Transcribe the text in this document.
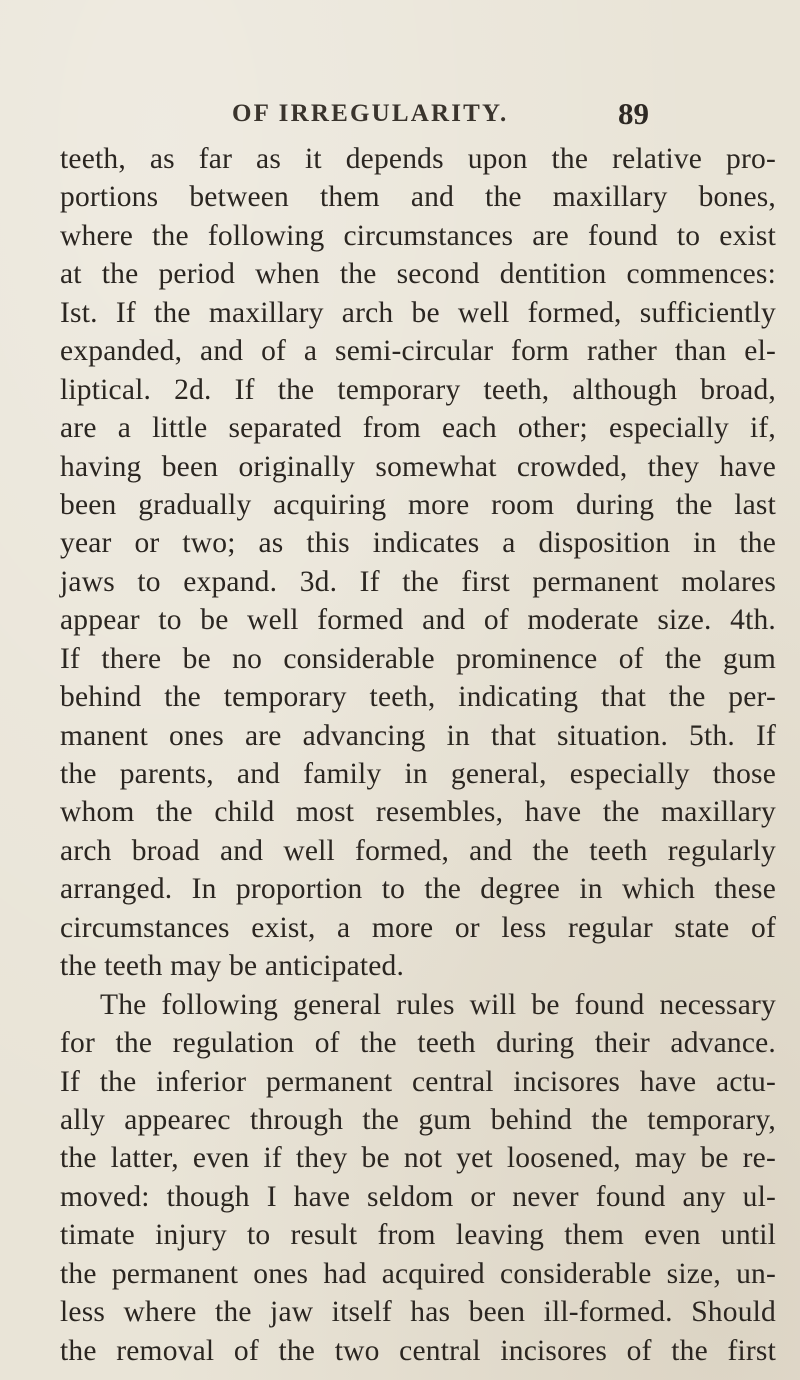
OF IRREGULARITY.	89
teeth, as far as it depends upon the relative pro-
portions between them and the maxillary bones,
where the following circumstances are found to exist
at the period when the second dentition commences:
Ist. If the maxillary arch be well formed, sufficiently
expanded, and of a semi-circular form rather than el-
liptical. 2d. If the temporary teeth, although broad,
are a little separated from each other; especially if,
having been originally somewhat crowded, they have
been gradually acquiring more room during the last
year or two; as this indicates a disposition in the
jaws to expand. 3d. If the first permanent molares
appear to be well formed and of moderate size. 4th.
If there be no considerable prominence of the gum
behind the temporary teeth, indicating that the per-
manent ones are advancing in that situation. 5th. If
the parents, and family in general, especially those
whom the child most resembles, have the maxillary
arch broad and well formed, and the teeth regularly
arranged. In proportion to the degree in which these
circumstances exist, a more or less regular state of
the teeth may be anticipated.
The following general rules will be found necessary
for the regulation of the teeth during their advance.
If the inferior permanent central incisores have actu-
ally appearec through the gum behind the temporary,
the latter, even if they be not yet loosened, may be re-
moved: though I have seldom or never found any ul-
timate injury to result from leaving them even until
the permanent ones had acquired considerable size, un-
less where the jaw itself has been ill-formed. Should
the removal of the two central incisores of the first
